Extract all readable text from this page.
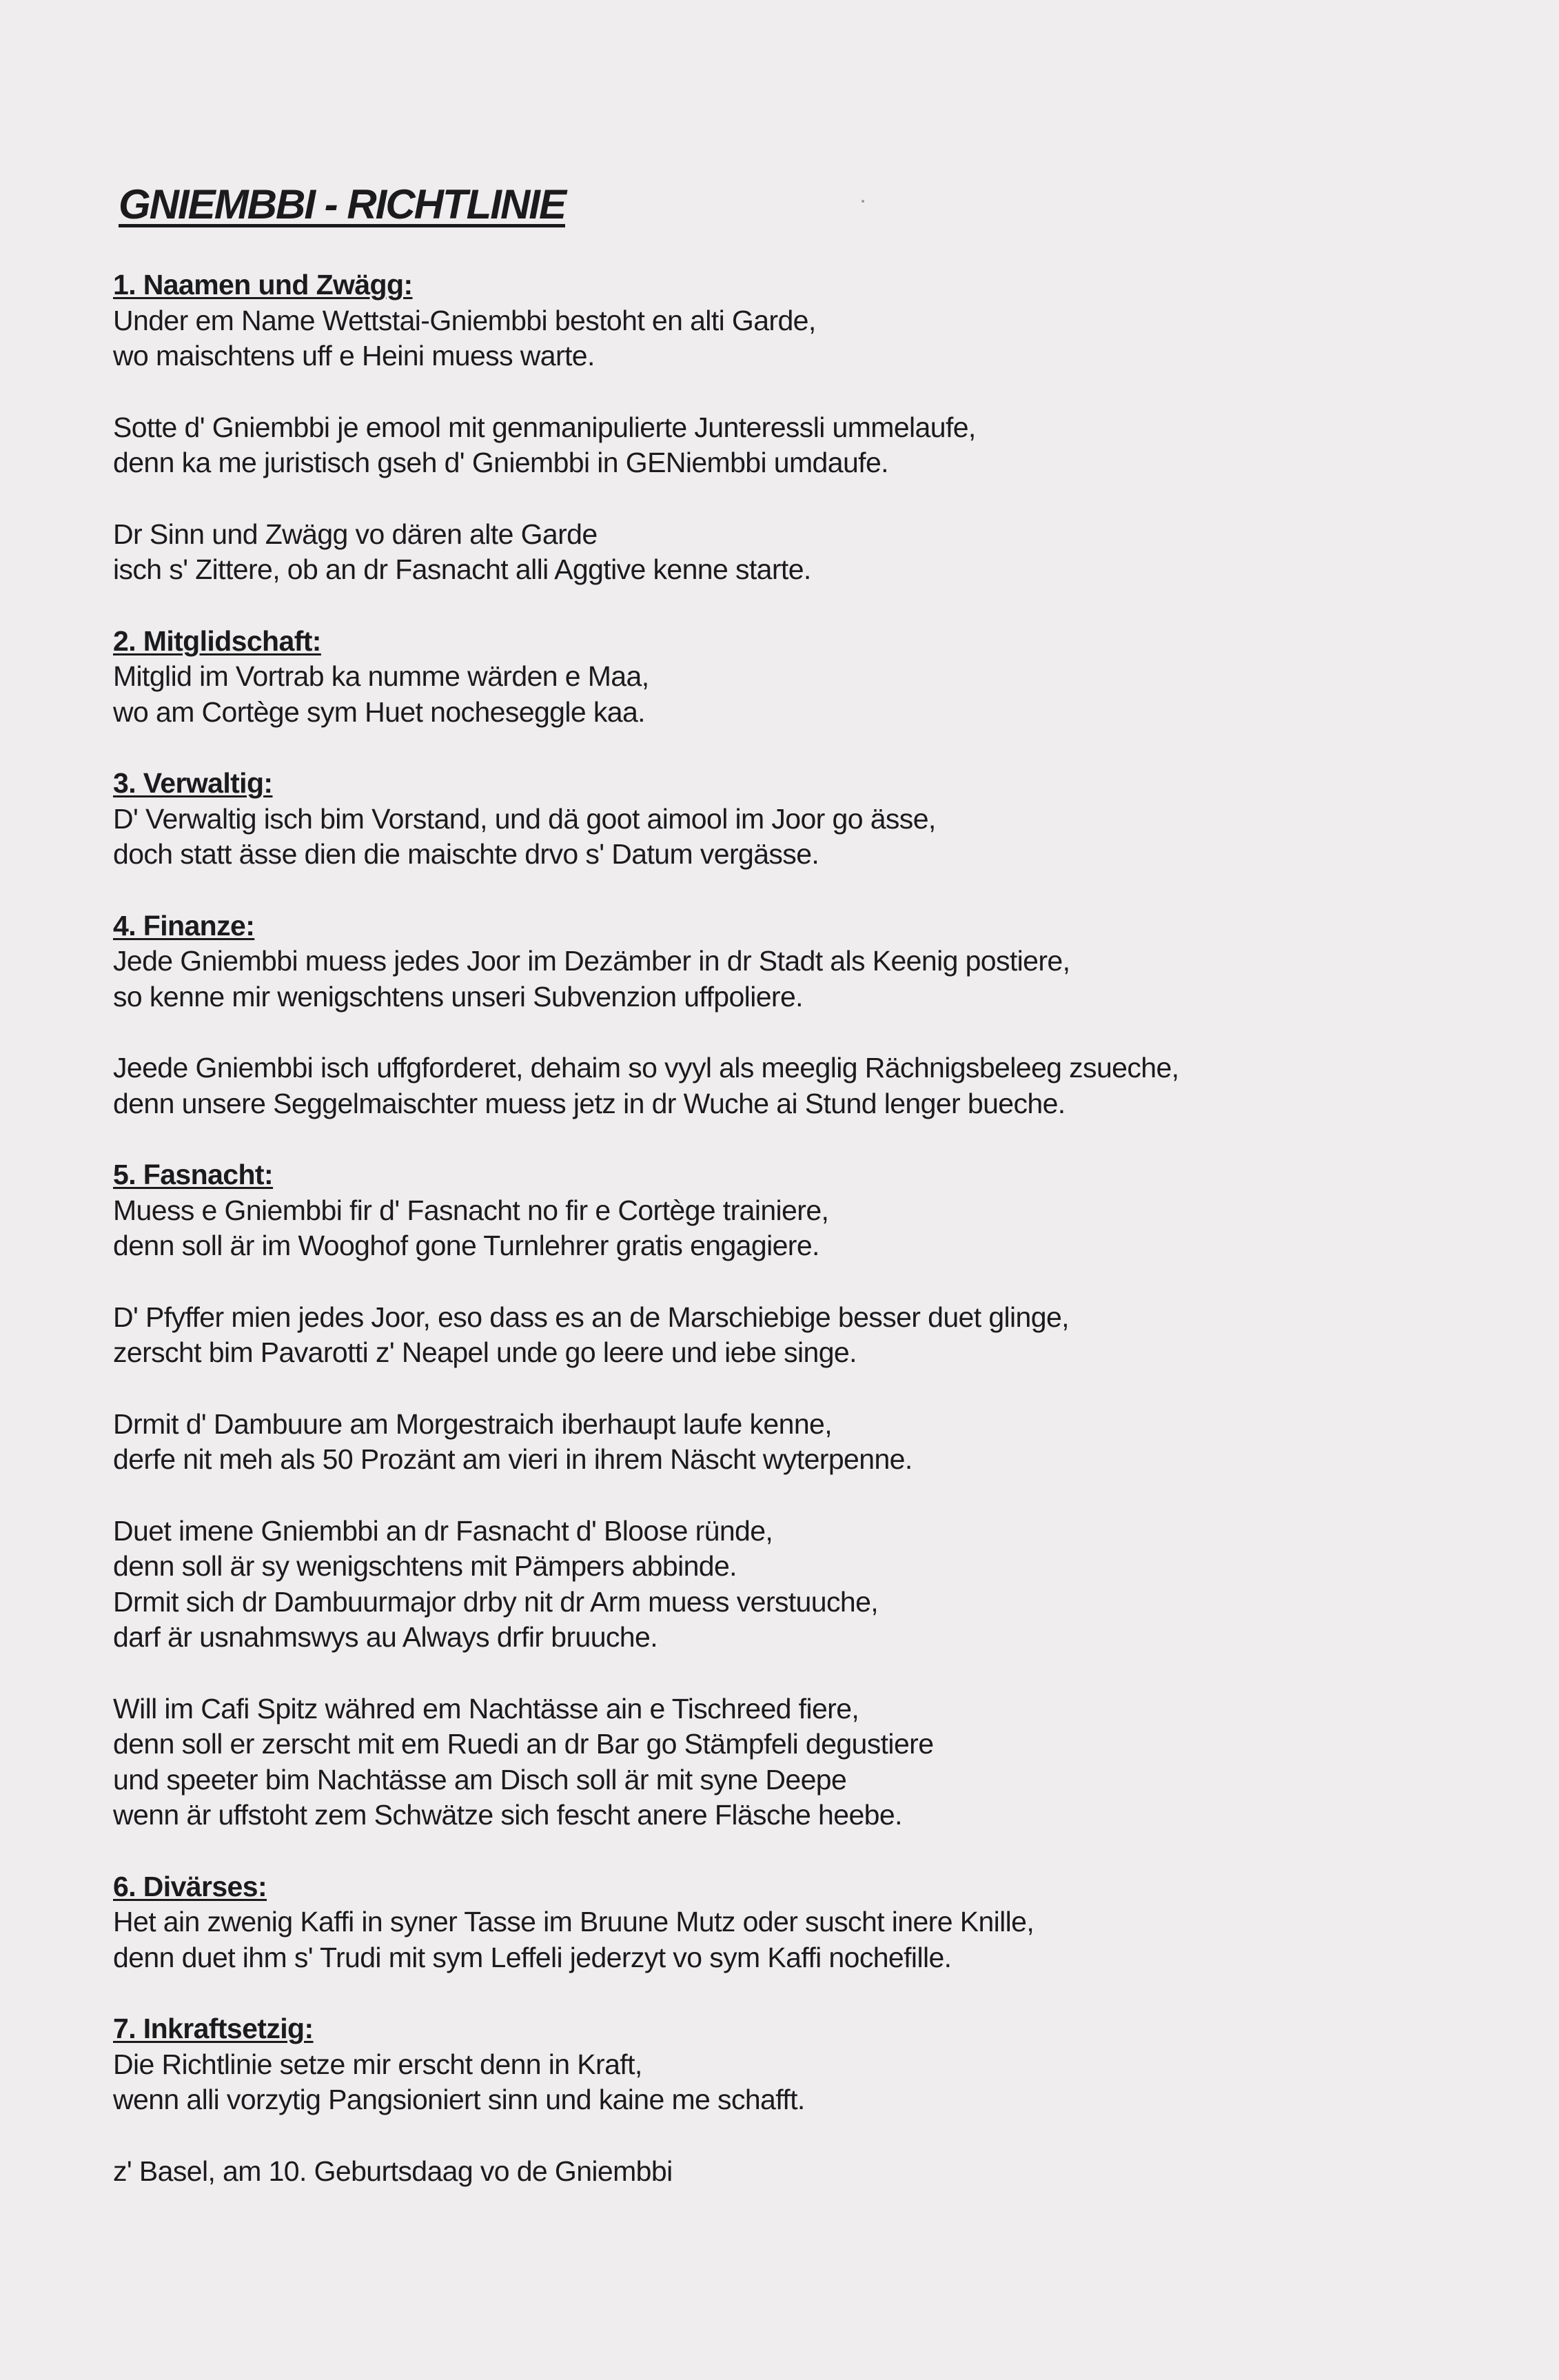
GNIEMBBI - RICHTLINIE
1. Naamen und Zwägg:
Under em Name Wettstai-Gniembbi bestoht en alti Garde,
wo maischtens uff e Heini muess warte.
Sotte d' Gniembbi je emool mit genmanipulierte Junteressli ummelaufe,
denn ka me juristisch gseh d' Gniembbi in GENiembbi umdaufe.
Dr Sinn und Zwägg vo dären alte Garde
isch s' Zittere, ob an dr Fasnacht alli Aggtive kenne starte.
2. Mitglidschaft:
Mitglid im Vortrab ka numme wärden e Maa,
wo am Cortège sym Huet nocheseggle kaa.
3. Verwaltig:
D' Verwaltig isch bim Vorstand, und dä goot aimool im Joor go ässe,
doch statt ässe dien die maischte drvo s' Datum vergässe.
4. Finanze:
Jede Gniembbi muess jedes Joor im Dezämber in dr Stadt als Keenig postiere,
so kenne mir wenigschtens unseri Subvenzion uffpoliere.
Jeede Gniembbi isch uffgforderet, dehaim so vyyl als meeglig Rächnigsbeleeg zsueche,
denn unsere Seggelmaischter muess jetz in dr Wuche ai Stund lenger bueche.
5. Fasnacht:
Muess e Gniembbi fir d' Fasnacht no fir e Cortège trainiere,
denn soll är im Wooghof gone Turnlehrer gratis engagiere.
D' Pfyffer mien jedes Joor, eso dass es an de Marschiebige besser duet glinge,
zerscht bim Pavarotti z' Neapel unde go leere und iebe singe.
Drmit d' Dambuure am Morgestraich iberhaupt laufe kenne,
derfe nit meh als 50 Prozänt am vieri in ihrem Näscht wyterpenne.
Duet imene Gniembbi an dr Fasnacht d' Bloose ründe,
denn soll är sy wenigschtens mit Pämpers abbinde.
Drmit sich dr Dambuurmajor drby nit dr Arm muess verstuuche,
darf är usnahmswys au Always drfir bruuche.
Will im Cafi Spitz währed em Nachtässe ain e Tischreed fiere,
denn soll er zerscht mit em Ruedi an dr Bar go Stämpfeli degustiere
und speeter bim Nachtässe am Disch soll är mit syne Deepe
wenn är uffstoht zem Schwätze sich fescht anere Fläsche heebe.
6. Divärses:
Het ain zwenig Kaffi in syner Tasse im Bruune Mutz oder suscht inere Knille,
denn duet ihm s' Trudi mit sym Leffeli jederzyt vo sym Kaffi nochefille.
7. Inkraftsetzig:
Die Richtlinie setze mir erscht denn in Kraft,
wenn alli vorzytig Pangsioniert sinn und kaine me schafft.
z' Basel, am 10. Geburtsdaag vo de Gniembbi
